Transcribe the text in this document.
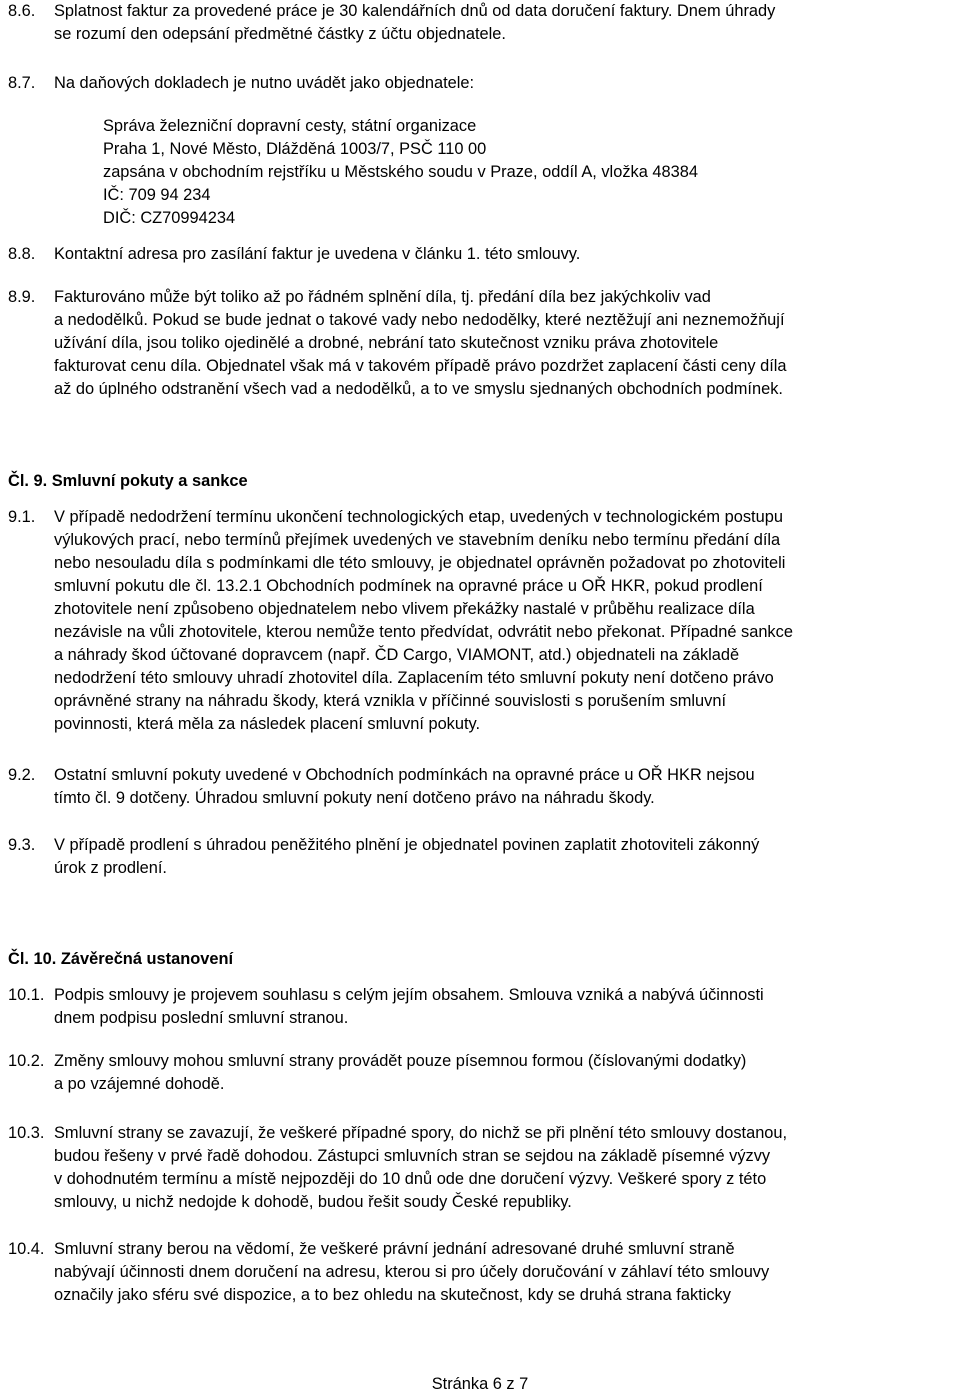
8.6. Splatnost faktur za provedené práce je 30 kalendářních dnů od data doručení faktury. Dnem úhrady
se rozumí den odepsání předmětné částky z účtu objednatele.
8.7. Na daňových dokladech je nutno uvádět jako objednatele:
Správa železniční dopravní cesty, státní organizace
Praha 1, Nové Město, Dlážděná 1003/7, PSČ 110 00
zapsána v obchodním rejstříku u Městského soudu v Praze, oddíl A, vložka 48384
IČ: 709 94 234
DIČ: CZ70994234
8.8. Kontaktní adresa pro zasílání faktur je uvedena v článku 1. této smlouvy.
8.9. Fakturováno může být toliko až po řádném splnění díla, tj. předání díla bez jakýchkoliv vad
a nedodělků. Pokud se bude jednat o takové vady nebo nedodělky, které neztěžují ani neznemožňují
užívání díla, jsou toliko ojedinělé a drobné, nebrání tato skutečnost vzniku práva zhotovitele
fakturovat cenu díla. Objednatel však má v takovém případě právo pozdržet zaplacení části ceny díla
až do úplného odstranění všech vad a nedodělků, a to ve smyslu sjednaných obchodních podmínek.
Čl. 9. Smluvní pokuty a sankce
9.1. V případě nedodržení termínu ukončení technologických etap, uvedených v technologickém postupu
výlukových prací, nebo termínů přejímek uvedených ve stavebním deníku nebo termínu předání díla
nebo nesouladu díla s podmínkami dle této smlouvy, je objednatel oprávněn požadovat po zhotoviteli
smluvní pokutu dle čl. 13.2.1 Obchodních podmínek na opravné práce u OŘ HKR, pokud prodlení
zhotovitele není způsobeno objednatelem nebo vlivem překážky nastalé v průběhu realizace díla
nezávisle na vůli zhotovitele, kterou nemůže tento předvídat, odvrátit nebo překonat. Případné sankce
a náhrady škod účtované dopravcem (např. ČD Cargo, VIAMONT, atd.) objednateli na základě
nedodržení této smlouvy uhradí zhotovitel díla. Zaplacením této smluvní pokuty není dotčeno právo
oprávněné strany na náhradu škody, která vznikla v příčinné souvislosti s porušením smluvní
povinnosti, která měla za následek placení smluvní pokuty.
9.2. Ostatní smluvní pokuty uvedené v Obchodních podmínkách na opravné práce u OŘ HKR nejsou
tímto čl. 9 dotčeny. Úhradou smluvní pokuty není dotčeno právo na náhradu škody.
9.3. V případě prodlení s úhradou peněžitého plnění je objednatel povinen zaplatit zhotoviteli zákonný
úrok z prodlení.
Čl. 10. Závěrečná ustanovení
10.1. Podpis smlouvy je projevem souhlasu s celým jejím obsahem. Smlouva vzniká a nabývá účinnosti
dnem podpisu poslední smluvní stranou.
10.2. Změny smlouvy mohou smluvní strany provádět pouze písemnou formou (číslovanými dodatky)
a po vzájemné dohodě.
10.3. Smluvní strany se zavazují, že veškeré případné spory, do nichž se při plnění této smlouvy dostanou,
budou řešeny v prvé řadě dohodou. Zástupci smluvních stran se sejdou na základě písemné výzvy
v dohodnutém termínu a místě nejpozději do 10 dnů ode dne doručení výzvy. Veškeré spory z této
smlouvy, u nichž nedojde k dohodě, budou řešit soudy České republiky.
10.4. Smluvní strany berou na vědomí, že veškeré právní jednání adresované druhé smluvní straně
nabývají účinnosti dnem doručení na adresu, kterou si pro účely doručování v záhlaví této smlouvy
označily jako sféru své dispozice, a to bez ohledu na skutečnost, kdy se druhá strana fakticky
Stránka 6 z 7
